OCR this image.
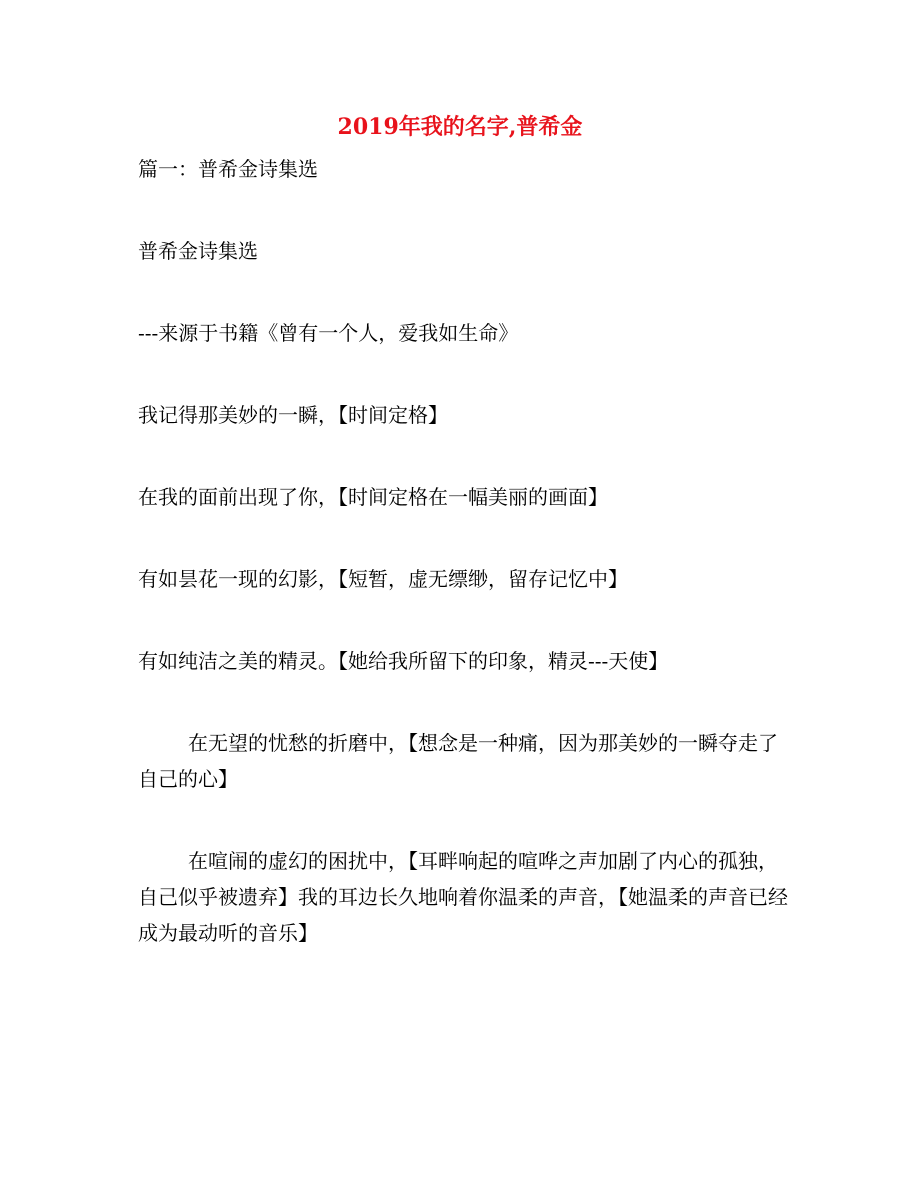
2019年我的名字,普希金
篇一：普希金诗集选
普希金诗集选
---来源于书籍《曾有一个人，爱我如生命》
我记得那美妙的一瞬，【时间定格】
在我的面前出现了你，【时间定格在一幅美丽的画面】
有如昙花一现的幻影，【短暂，虚无缥缈，留存记忆中】
有如纯洁之美的精灵。【她给我所留下的印象，精灵---天使】
在无望的忧愁的折磨中，【想念是一种痛，因为那美妙的一瞬夺走了自己的心】
在喧闹的虚幻的困扰中，【耳畔响起的喧哗之声加剧了内心的孤独，自己似乎被遗弃】我的耳边长久地响着你温柔的声音，【她温柔的声音已经成为最动听的音乐】
